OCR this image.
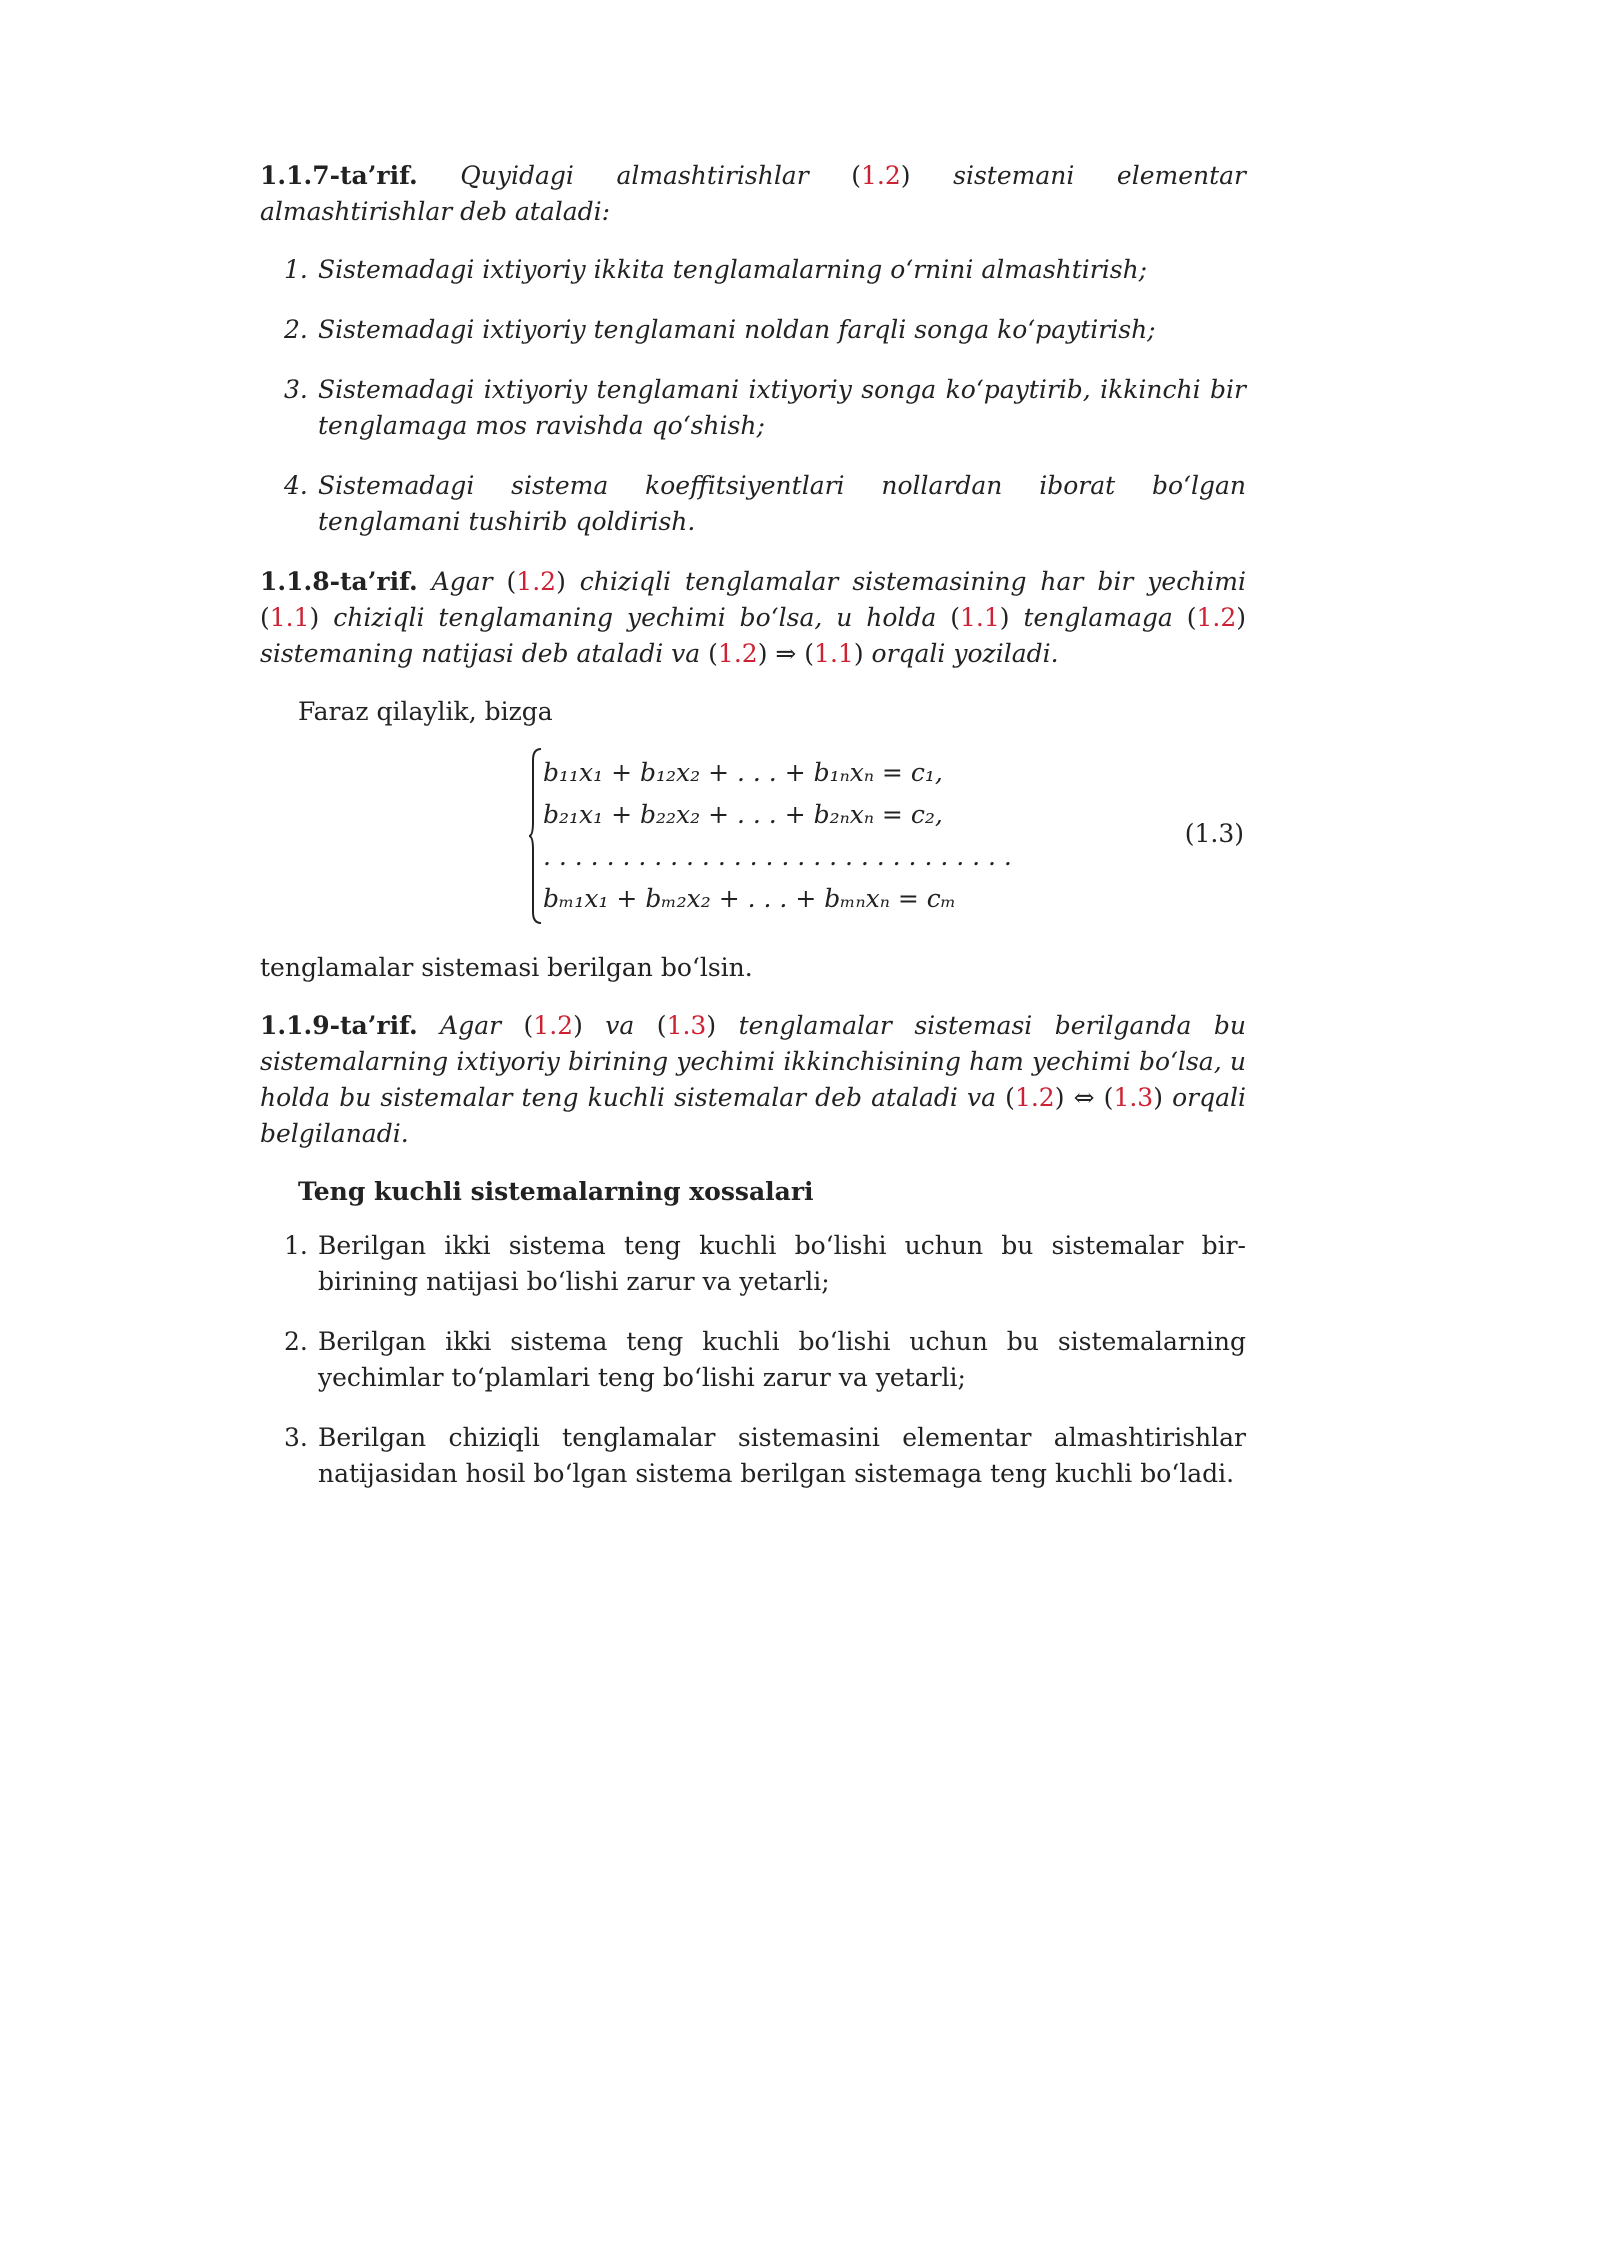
1.1.7-ta’rif. Quyidagi almashtirishlar (1.2) sistemani elementar almashtirishlar deb ataladi:

1. Sistemadagi ixtiyoriy ikkita tenglamalarning o‘rnini almashtirish;
2. Sistemadagi ixtiyoriy tenglamani noldan farqli songa ko‘paytirish;
3. Sistemadagi ixtiyoriy tenglamani ixtiyoriy songa ko‘paytirib, ikkinchi bir tenglamaga mos ravishda qo‘shish;
4. Sistemadagi sistema koeffitsiyentlari nollardan iborat bo‘lgan tenglamani tushirib qoldirish.

1.1.8-ta’rif. Agar (1.2) chiziqli tenglamalar sistemasining har bir yechimi (1.1) chiziqli tenglamaning yechimi bo‘lsa, u holda (1.1) tenglamaga (1.2) sistemaning natijasi deb ataladi va (1.2) ⇒ (1.1) orqali yoziladi.

Faraz qilaylik, bizga

b₁₁x₁ + b₁₂x₂ + . . . + b₁ₙxₙ = c₁,
b₂₁x₁ + b₂₂x₂ + . . . + b₂ₙxₙ = c₂,
. . . . . . . . . . . . . . . . . . . . . . . . . . . . . .
bₘ₁x₁ + bₘ₂x₂ + . . . + bₘₙxₙ = cₘ
(1.3)

tenglamalar sistemasi berilgan bo‘lsin.

1.1.9-ta’rif. Agar (1.2) va (1.3) tenglamalar sistemasi berilganda bu sistemalarning ixtiyoriy birining yechimi ikkinchisining ham yechimi bo‘lsa, u holda bu sistemalar teng kuchli sistemalar deb ataladi va (1.2) ⇔ (1.3) orqali belgilanadi.

Teng kuchli sistemalarning xossalari
1. Berilgan ikki sistema teng kuchli bo‘lishi uchun bu sistemalar bir-birining natijasi bo‘lishi zarur va yetarli;
2. Berilgan ikki sistema teng kuchli bo‘lishi uchun bu sistemalarning yechimlar to‘plamlari teng bo‘lishi zarur va yetarli;
3. Berilgan chiziqli tenglamalar sistemasini elementar almashtirishlar natijasidan hosil bo‘lgan sistema berilgan sistemaga teng kuchli bo‘ladi.
